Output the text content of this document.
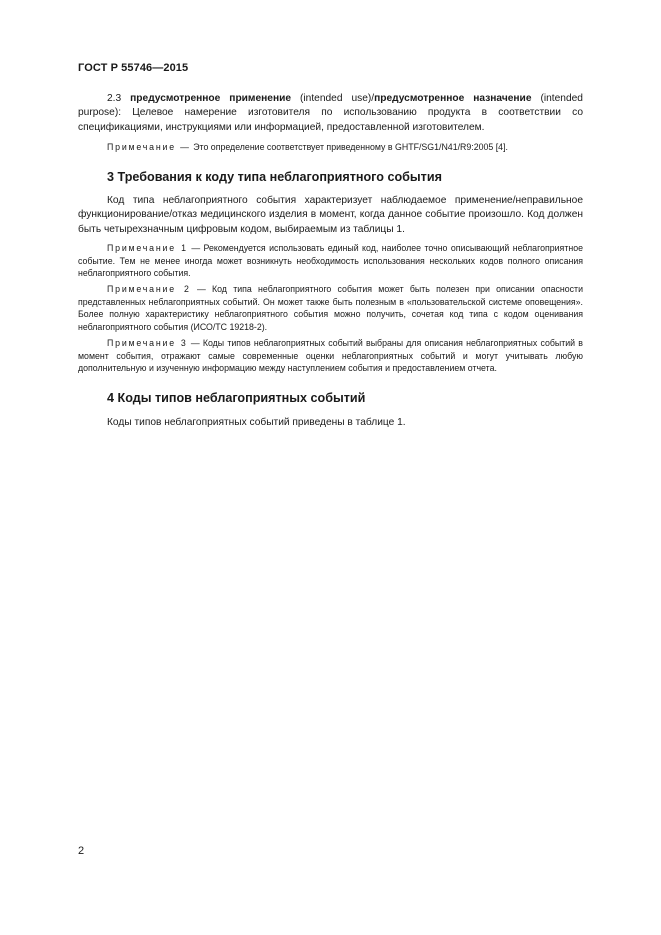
ГОСТ Р 55746—2015

2.3 предусмотренное применение (intended use)/предусмотренное назначение (intended purpose): Целевое намерение изготовителя по использованию продукта в соответствии со спецификациями, инструкциями или информацией, предоставленной изготовителем.

Примечание — Это определение соответствует приведенному в GHTF/SG1/N41/R9:2005 [4].

3 Требования к коду типа неблагоприятного события

Код типа неблагоприятного события характеризует наблюдаемое применение/неправильное функционирование/отказ медицинского изделия в момент, когда данное событие произошло. Код должен быть четырехзначным цифровым кодом, выбираемым из таблицы 1.

Примечание 1 — Рекомендуется использовать единый код, наиболее точно описывающий неблагоприятное событие. Тем не менее иногда может возникнуть необходимость использования нескольких кодов полного описания неблагоприятного события.

Примечание 2 — Код типа неблагоприятного события может быть полезен при описании опасности представленных неблагоприятных событий. Он может также быть полезным в «пользовательской системе оповещения». Более полную характеристику неблагоприятного события можно получить, сочетая код типа с кодом оценивания неблагоприятного события (ИСО/ТС 19218-2).

Примечание 3 — Коды типов неблагоприятных событий выбраны для описания неблагоприятных событий в момент события, отражают самые современные оценки неблагоприятных событий и могут учитывать любую дополнительную и изученную информацию между наступлением события и предоставлением отчета.

4 Коды типов неблагоприятных событий

Коды типов неблагоприятных событий приведены в таблице 1.

2
